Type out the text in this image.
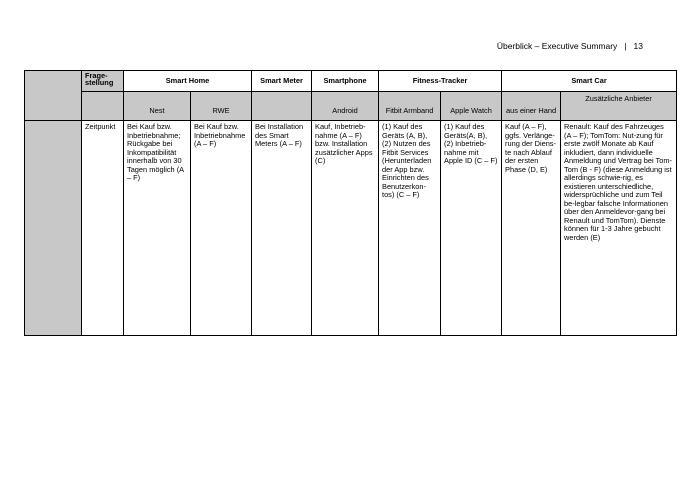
Überblick – Executive Summary | 13
	Frage-stellung	Smart Home		Smart Meter	Smartphone	Fitness-Tracker		Smart Car	
		Nest	RWE		Android	Fitbit Armband	Apple Watch	aus einer Hand	Zusätzliche Anbieter
	Zeitpunkt	Bei Kauf bzw. Inbetriebnahme; Rückgabe bei Inkompatibilität innerhalb von 30 Tagen möglich (A – F)	Bei Kauf bzw. Inbetriebnahme (A – F)	Bei Installation des Smart Meters (A – F)	Kauf, Inbetrieb-nahme (A – F) bzw. Installation zusätzlicher Apps (C)	(1) Kauf des Geräts (A, B), (2) Nutzen des Fitbit Services (Herunterladen der App bzw. Einrichten des Benutzerkon-tos) (C – F)	(1) Kauf des Geräts(A, B), (2) Inbetrieb-nahme mit Apple ID (C – F)	Kauf (A – F), ggfs. Verlänge-rung der Diens-te nach Ablauf der ersten Phase (D, E)	Renault: Kauf des Fahrzeuges (A – F); TomTom: Nut-zung für erste zwölf Monate ab Kauf inkludiert, dann individuelle Anmeldung und Vertrag bei Tom-Tom (B - F) (diese Anmeldung ist allerdings schwie-rig, es existieren unterschiedliche, widersprüchliche und zum Teil be-legbar falsche Informationen über den Anmeldevor-gang bei Renault und TomTom). Dienste können für 1-3 Jahre gebucht werden (E)
